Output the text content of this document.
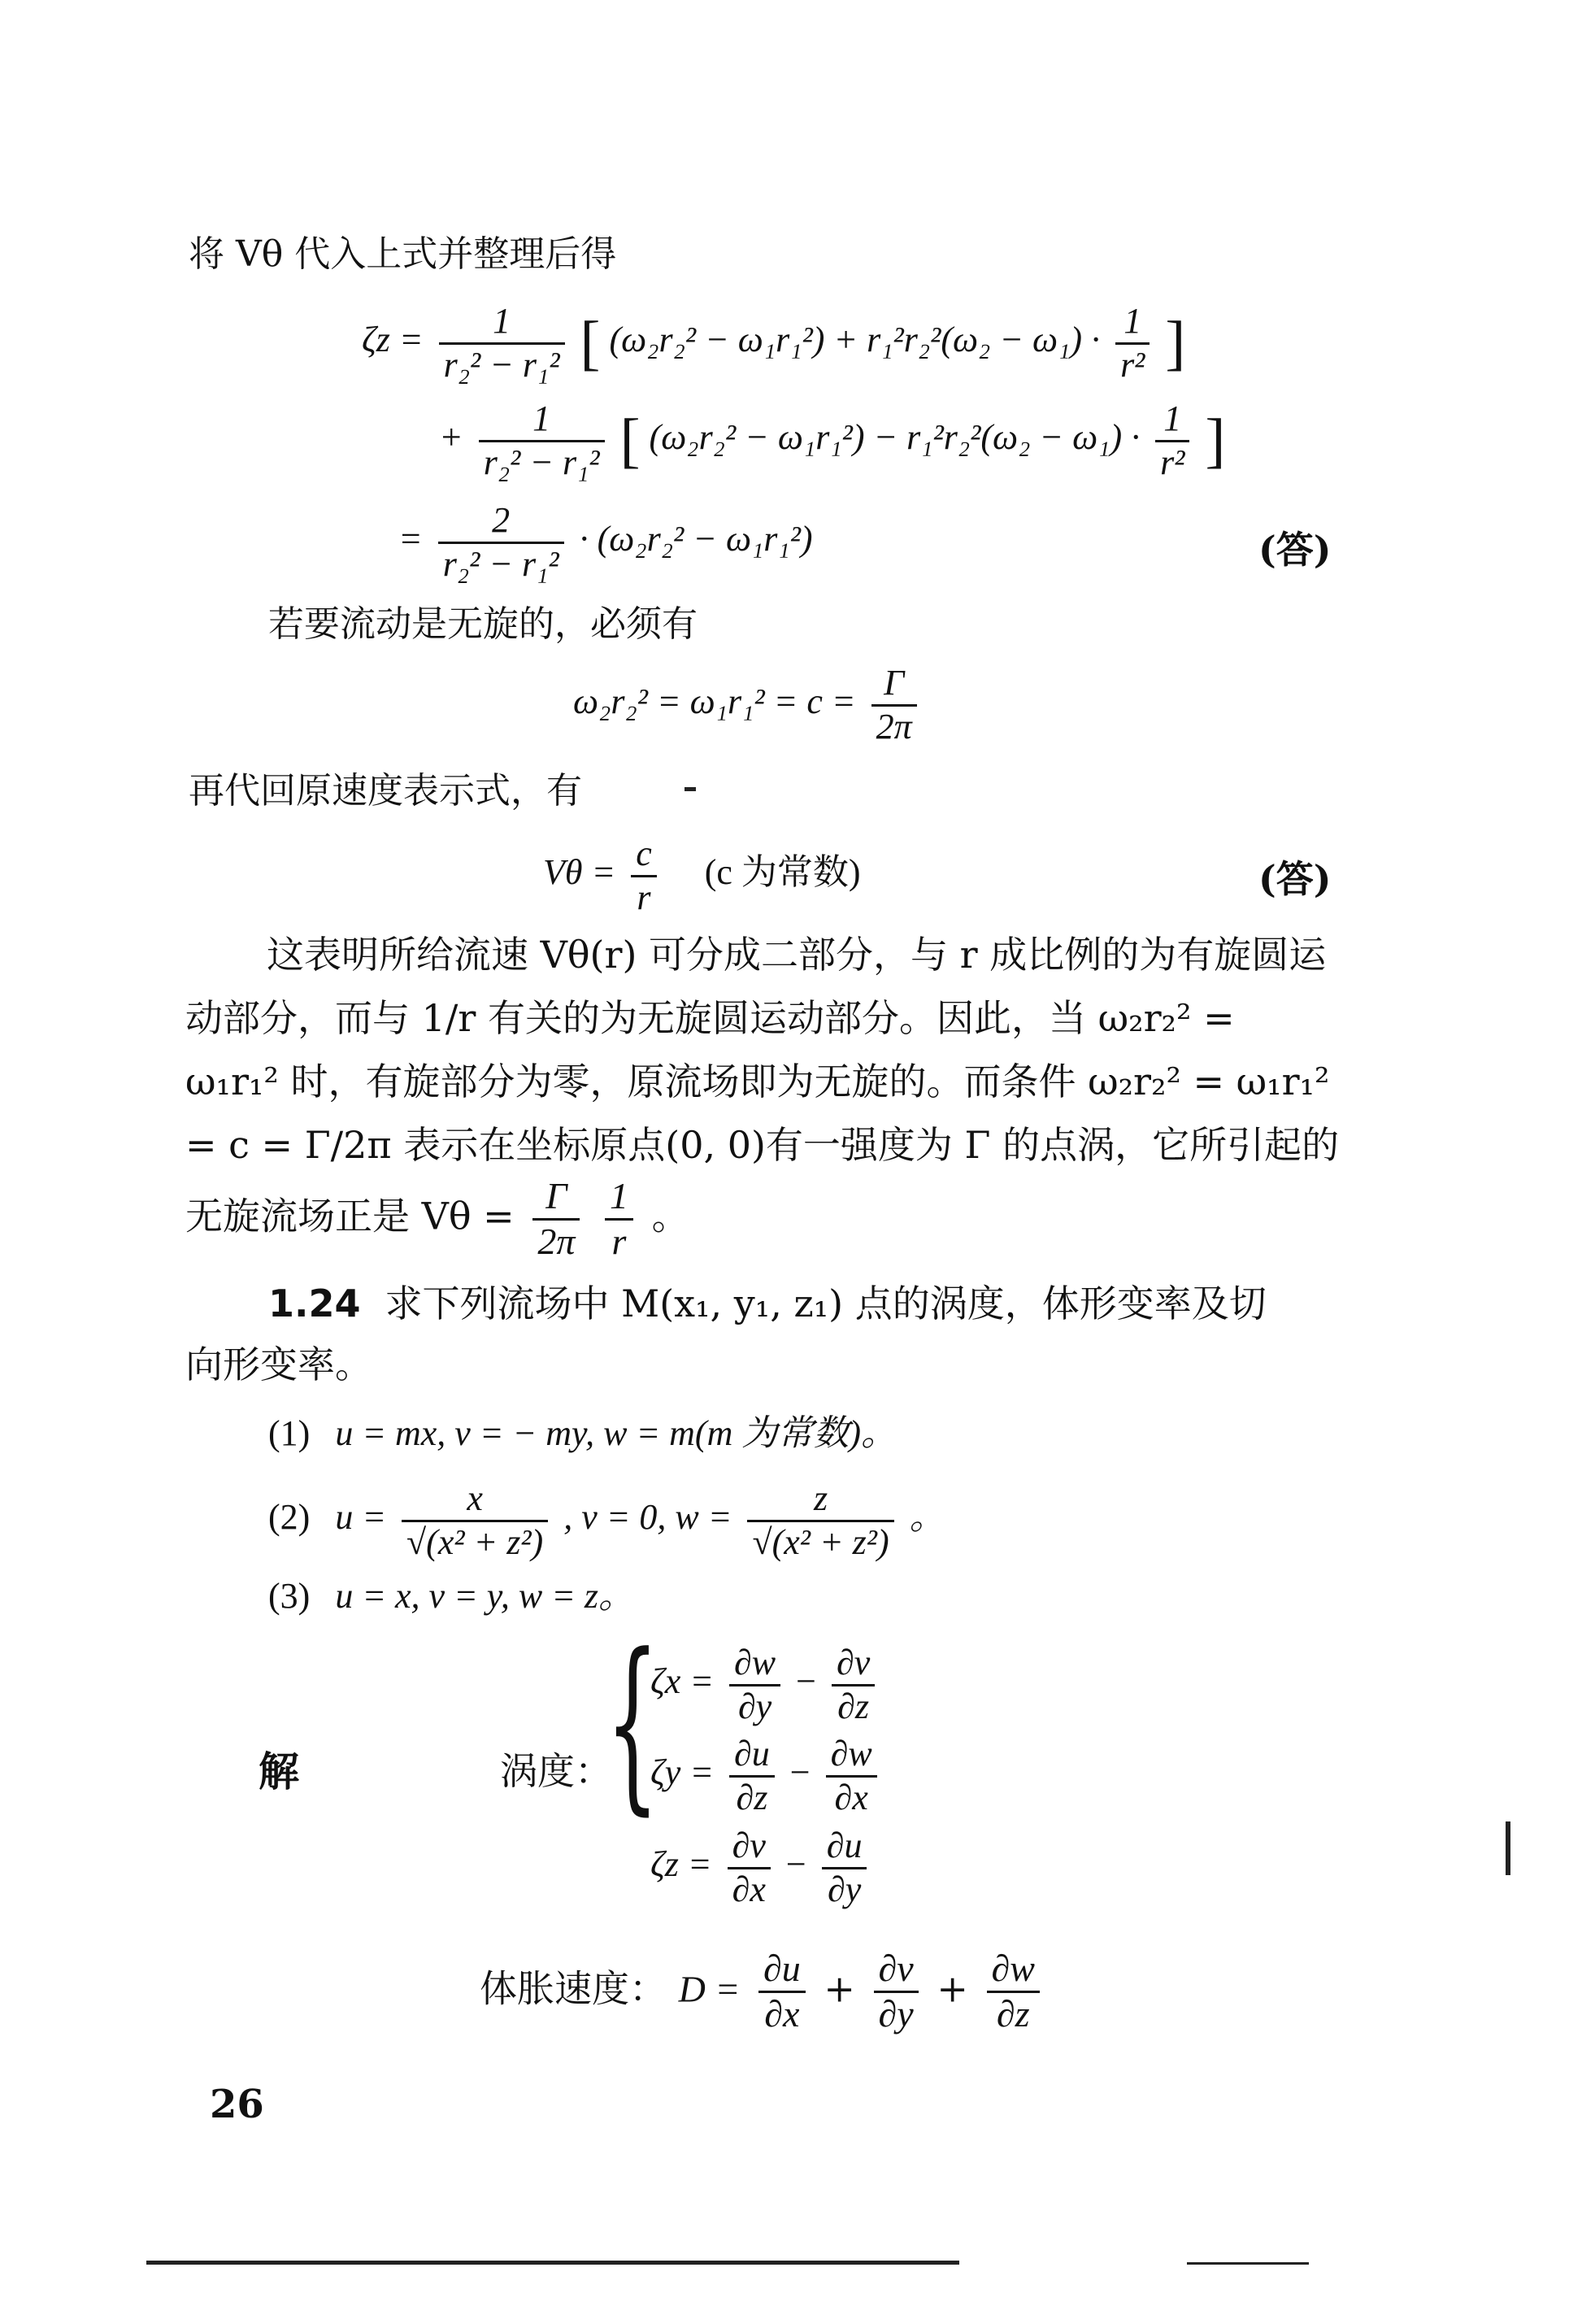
将 Vθ 代入上式并整理后得
$\zeta z = \frac{1}{\text{r₂² − r₁²}}$ [ $(\omega_2r_2^2 - \omega_1r_1^2) + r_1^2r_2^2(\omega_2 - \omega_1) \cdot \frac{1}{\text{r²}}$ ]
+ $\frac{1}{\text{r₂² − r₁²}}$ [ $(\omega_2r_2^2 - \omega_1r_1^2) - r_1^2r_2^2(\omega_2 - \omega_1) \cdot \frac{1}{\text{r²}}$ ]
= $\frac{2}{\text{r₂² − r₁²}} \cdot (\omega_2r_2^2 - \omega_1r_1^2)$	(答)
若要流动是无旋的，必须有
$\omega_2r_2^2 = \omega_1r_1^2 = c = \frac{\Gamma}{2\pi}$
再代回原速度表示式，有
$V\theta = \frac{c}{r} (c$ 为常数)	(答)
这表明所给流速 Vθ(r) 可分成二部分，与 r 成比例的为有旋圆运动部分，而与 1/r 有关的为无旋圆运动部分。因此，当 ω₂r₂² = ω₁r₁² 时，有旋部分为零，原流场即为无旋的。而条件 ω₂r₂² = ω₁r₁² = c = Γ/2π 表示在坐标原点(0, 0)有一强度为 Γ 的点涡，它所引起的
无旋流场正是 $V\theta = \frac{\Gamma}{2\pi}$
$\frac{1}{r}$ 。
1.24 求下列流场中 M(x₁, y₁, z₁) 点的涡度，体形变率及切
向形变率。
(1) u = mx, v = − my, w = m(m 为常数)。
(2) $u = \frac{x}{\text{√(x² + z²)}}$ , v = 0, $w = \frac{z}{\text{√(x² + z²)}}$ 。
(3) u = x, v = y, w = z。
解	涡度：
{
$\zeta x = \frac{\partial w}{\partial y} - \frac{\partial v}{\partial z}$
$\zeta y = \frac{\partial u}{\partial z} - \frac{\partial w}{\partial x}$
$\zeta z = \frac{\partial v}{\partial x} - \frac{\partial u}{\partial y}$
体胀速度： $D = \frac{\partial u}{\partial x} + \frac{\partial v}{\partial y} + \frac{\partial w}{\partial z}$
26
